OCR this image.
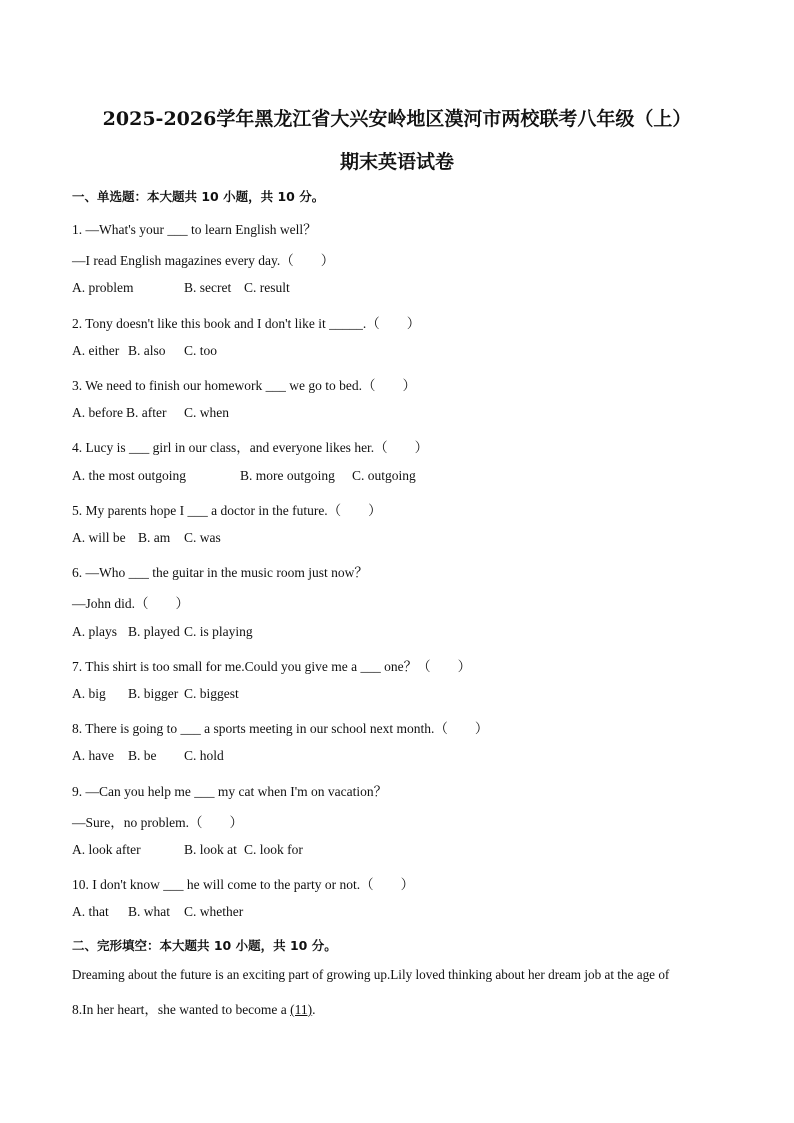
2025-2026学年黑龙江省大兴安岭地区漠河市两校联考八年级（上）
期末英语试卷
一、单选题：本大题共 10 小题，共 10 分。
1. —What's your ___ to learn English well？
—I read English magazines every day.（　　）
A. problem	B. secret C. result
2. Tony doesn't like this book and I don't like it _____.（　　）
A. either B. also C. too
3. We need to finish our homework ___ we go to bed.（　　）
A. before B. after C. when
4. Lucy is ___ girl in our class，and everyone likes her.（　　）
A. the most outgoing	B. more outgoing C. outgoing
5. My parents hope I ___ a doctor in the future.（　　）
A. will be B. am C. was
6. —Who ___ the guitar in the music room just now？
—John did.（　　）
A. plays B. played C. is playing
7. This shirt is too small for me.Could you give me a ___ one？（　　）
A. big B. bigger C. biggest
8. There is going to ___ a sports meeting in our school next month.（　　）
A. have B. be C. hold
9. —Can you help me ___ my cat when I'm on vacation？
—Sure，no problem.（　　）
A. look after	B. look at C. look for
10. I don't know ___ he will come to the party or not.（　　）
A. that B. what C. whether
二、完形填空：本大题共 10 小题，共 10 分。
Dreaming about the future is an exciting part of growing up.Lily loved thinking about her dream job at the age of
8.In her heart，she wanted to become a (11).
